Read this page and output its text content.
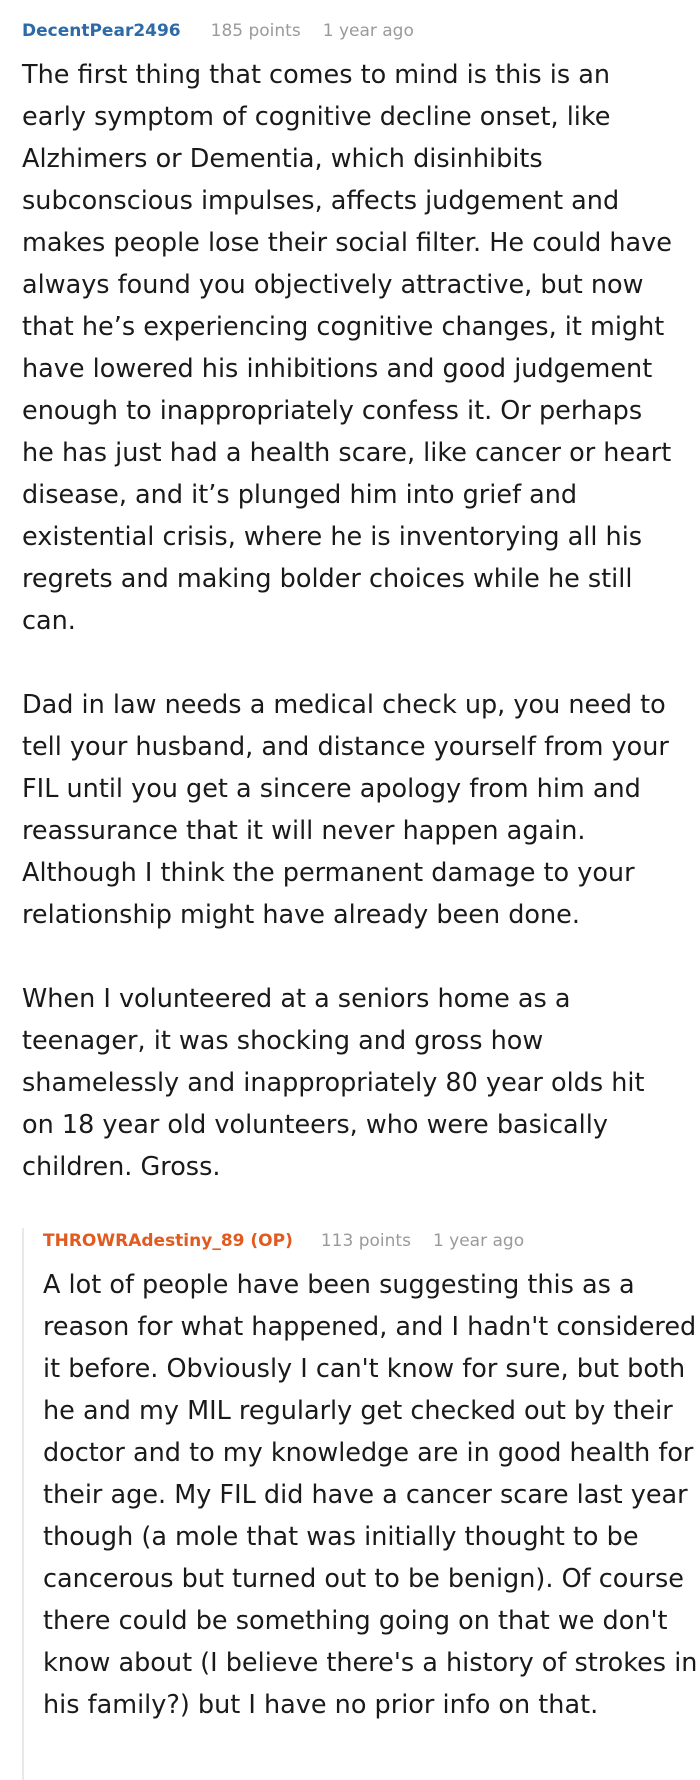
DecentPear2496 185 points 1 year ago

The first thing that comes to mind is this is an early symptom of cognitive decline onset, like Alzhimers or Dementia, which disinhibits subconscious impulses, affects judgement and makes people lose their social filter. He could have always found you objectively attractive, but now that he’s experiencing cognitive changes, it might have lowered his inhibitions and good judgement enough to inappropriately confess it. Or perhaps he has just had a health scare, like cancer or heart disease, and it’s plunged him into grief and existential crisis, where he is inventorying all his regrets and making bolder choices while he still can.

Dad in law needs a medical check up, you need to tell your husband, and distance yourself from your FIL until you get a sincere apology from him and reassurance that it will never happen again. Although I think the permanent damage to your relationship might have already been done.

When I volunteered at a seniors home as a teenager, it was shocking and gross how shamelessly and inappropriately 80 year olds hit on 18 year old volunteers, who were basically children. Gross.

THROWRAdestiny_89 (OP) 113 points 1 year ago

A lot of people have been suggesting this as a reason for what happened, and I hadn't considered it before. Obviously I can't know for sure, but both he and my MIL regularly get checked out by their doctor and to my knowledge are in good health for their age. My FIL did have a cancer scare last year though (a mole that was initially thought to be cancerous but turned out to be benign). Of course there could be something going on that we don't know about (I believe there's a history of strokes in his family?) but I have no prior info on that.
